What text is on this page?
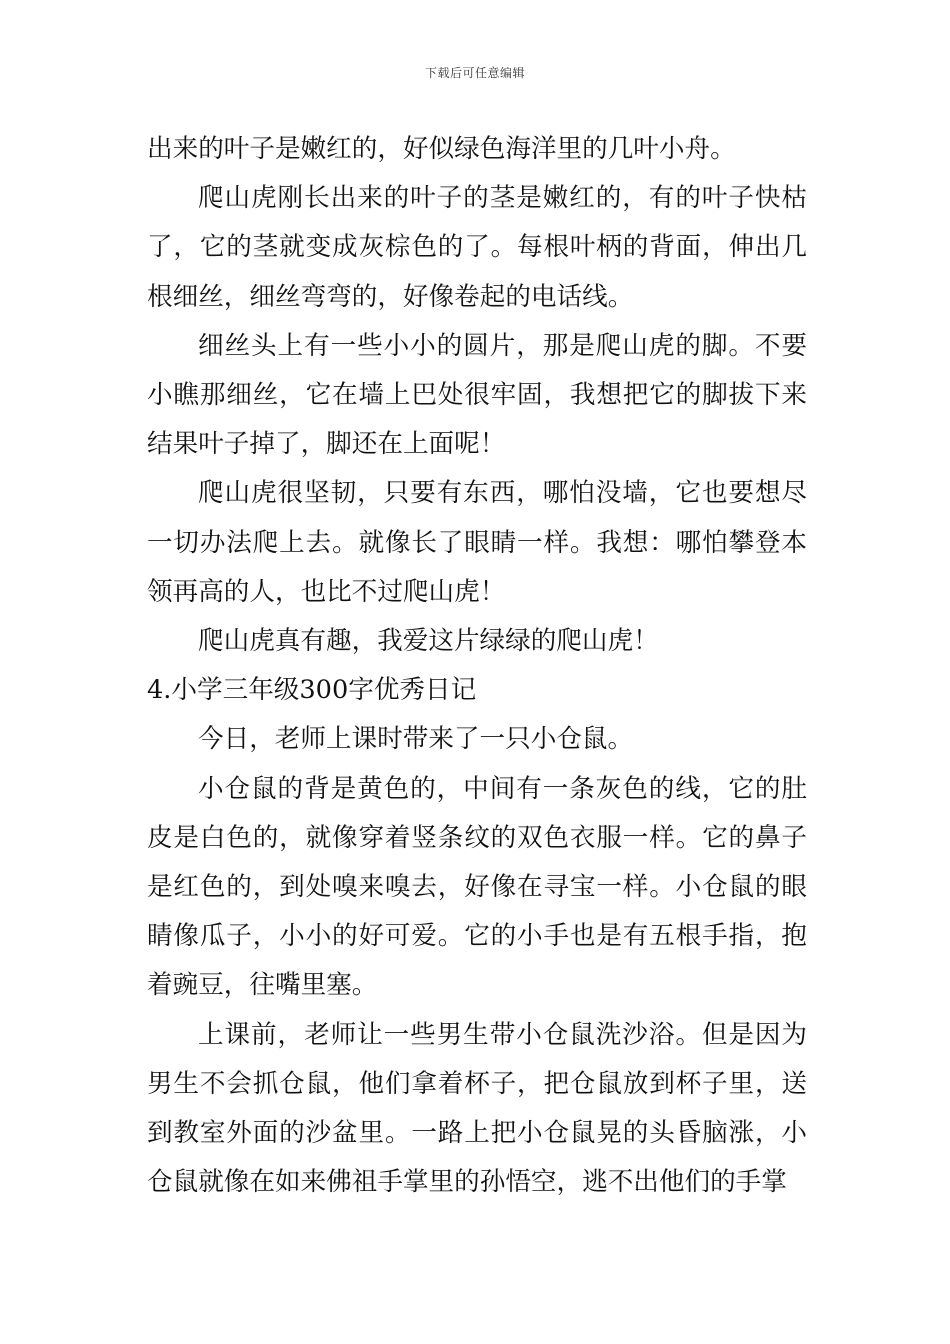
下载后可任意编辑

出来的叶子是嫩红的，好似绿色海洋里的几叶小舟。

爬山虎刚长出来的叶子的茎是嫩红的，有的叶子快枯了，它的茎就变成灰棕色的了。每根叶柄的背面，伸出几根细丝，细丝弯弯的，好像卷起的电话线。

细丝头上有一些小小的圆片，那是爬山虎的脚。不要小瞧那细丝，它在墙上巴处很牢固，我想把它的脚拔下来结果叶子掉了，脚还在上面呢！

爬山虎很坚韧，只要有东西，哪怕没墙，它也要想尽一切办法爬上去。就像长了眼睛一样。我想：哪怕攀登本领再高的人，也比不过爬山虎！

爬山虎真有趣，我爱这片绿绿的爬山虎！

4.小学三年级300字优秀日记

今日，老师上课时带来了一只小仓鼠。

小仓鼠的背是黄色的，中间有一条灰色的线，它的肚皮是白色的，就像穿着竖条纹的双色衣服一样。它的鼻子是红色的，到处嗅来嗅去，好像在寻宝一样。小仓鼠的眼睛像瓜子，小小的好可爱。它的小手也是有五根手指，抱着豌豆，往嘴里塞。

上课前，老师让一些男生带小仓鼠洗沙浴。但是因为男生不会抓仓鼠，他们拿着杯子，把仓鼠放到杯子里，送到教室外面的沙盆里。一路上把小仓鼠晃的头昏脑涨，小仓鼠就像在如来佛祖手掌里的孙悟空，逃不出他们的手掌
